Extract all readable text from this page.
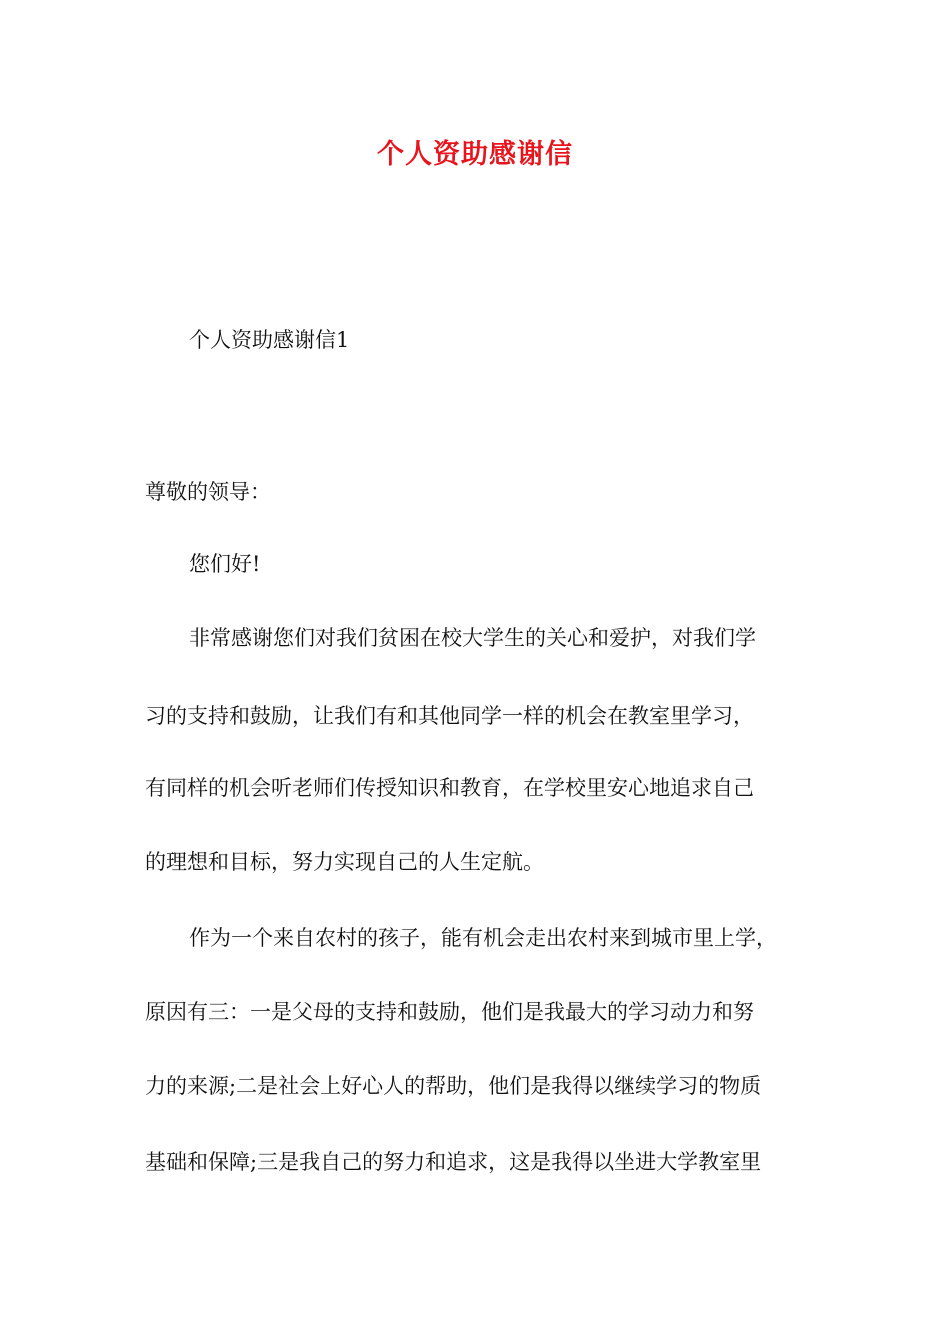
个人资助感谢信
个人资助感谢信1
尊敬的领导：
您们好!
非常感谢您们对我们贫困在校大学生的关心和爱护，对我们学
习的支持和鼓励，让我们有和其他同学一样的机会在教室里学习，
有同样的机会听老师们传授知识和教育，在学校里安心地追求自己
的理想和目标，努力实现自己的人生定航。
作为一个来自农村的孩子，能有机会走出农村来到城市里上学，
原因有三：一是父母的支持和鼓励，他们是我最大的学习动力和努
力的来源;二是社会上好心人的帮助，他们是我得以继续学习的物质
基础和保障;三是我自己的努力和追求，这是我得以坐进大学教室里
